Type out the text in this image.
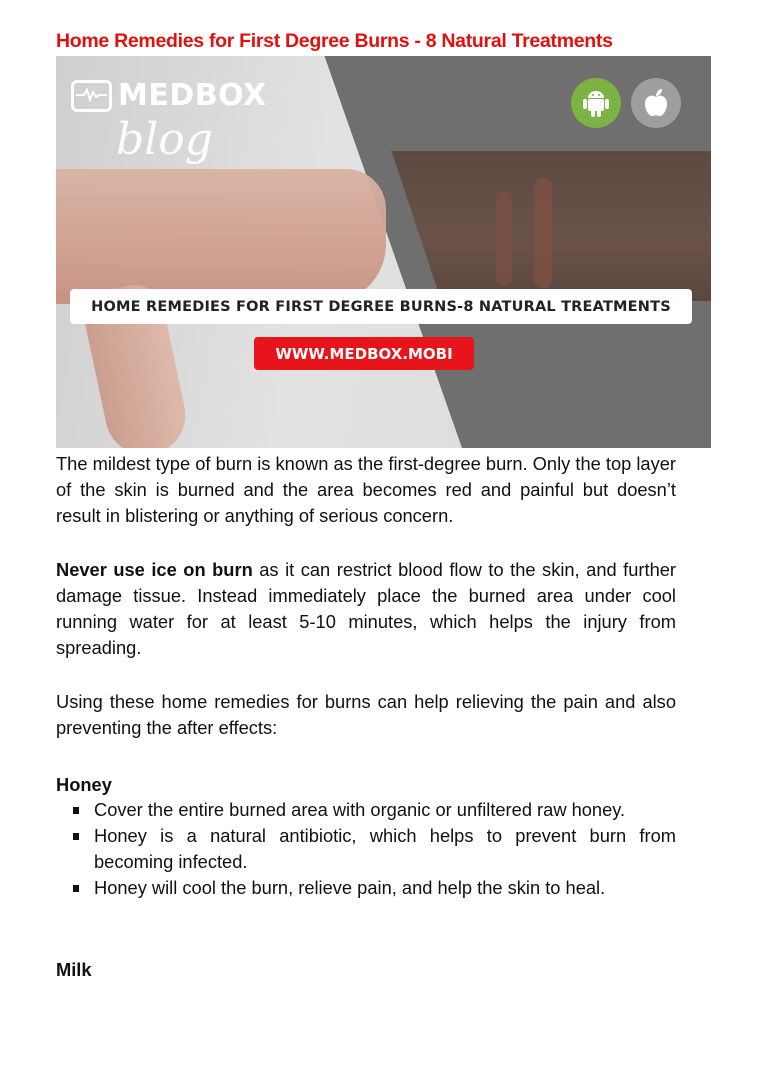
Home Remedies for First Degree Burns - 8 Natural Treatments
MEDBOX
blog
HOME REMEDIES FOR FIRST DEGREE BURNS-8 NATURAL TREATMENTS
WWW.MEDBOX.MOBI
The mildest type of burn is known as the first-degree burn. Only the top layer of the skin is burned and the area becomes red and painful but doesn’t result in blistering or anything of serious concern.
Never use ice on burn as it can restrict blood flow to the skin, and further damage tissue. Instead immediately place the burned area under cool running water for at least 5-10 minutes, which helps the injury from spreading.
Using these home remedies for burns can help relieving the pain and also preventing the after effects:
Honey
Cover the entire burned area with organic or unfiltered raw honey.
Honey is a natural antibiotic, which helps to prevent burn from becoming infected.
Honey will cool the burn, relieve pain, and help the skin to heal.
Milk
